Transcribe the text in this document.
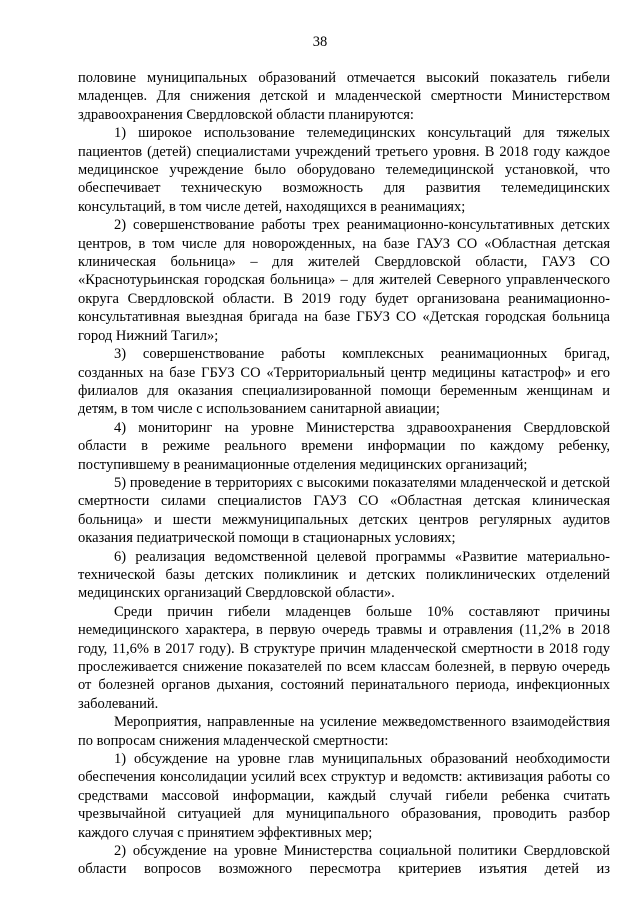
38

половине муниципальных образований отмечается высокий показатель гибели младенцев. Для снижения детской и младенческой смертности Министерством здравоохранения Свердловской области планируются:

1) широкое использование телемедицинских консультаций для тяжелых пациентов (детей) специалистами учреждений третьего уровня. В 2018 году каждое медицинское учреждение было оборудовано телемедицинской установкой, что обеспечивает техническую возможность для развития телемедицинских консультаций, в том числе детей, находящихся в реанимациях;

2) совершенствование работы трех реанимационно-консультативных детских центров, в том числе для новорожденных, на базе ГАУЗ СО «Областная детская клиническая больница» – для жителей Свердловской области, ГАУЗ СО «Краснотурьинская городская больница» – для жителей Северного управленческого округа Свердловской области. В 2019 году будет организована реанимационно-консультативная выездная бригада на базе ГБУЗ СО «Детская городская больница город Нижний Тагил»;

3) совершенствование работы комплексных реанимационных бригад, созданных на базе ГБУЗ СО «Территориальный центр медицины катастроф» и его филиалов для оказания специализированной помощи беременным женщинам и детям, в том числе с использованием санитарной авиации;

4) мониторинг на уровне Министерства здравоохранения Свердловской области в режиме реального времени информации по каждому ребенку, поступившему в реанимационные отделения медицинских организаций;

5) проведение в территориях с высокими показателями младенческой и детской смертности силами специалистов ГАУЗ СО «Областная детская клиническая больница» и шести межмуниципальных детских центров регулярных аудитов оказания педиатрической помощи в стационарных условиях;

6) реализация ведомственной целевой программы «Развитие материально-технической базы детских поликлиник и детских поликлинических отделений медицинских организаций Свердловской области».

Среди причин гибели младенцев больше 10% составляют причины немедицинского характера, в первую очередь травмы и отравления (11,2% в 2018 году, 11,6% в 2017 году). В структуре причин младенческой смертности в 2018 году прослеживается снижение показателей по всем классам болезней, в первую очередь от болезней органов дыхания, состояний перинатального периода, инфекционных заболеваний.

Мероприятия, направленные на усиление межведомственного взаимодействия по вопросам снижения младенческой смертности:

1) обсуждение на уровне глав муниципальных образований необходимости обеспечения консолидации усилий всех структур и ведомств: активизация работы со средствами массовой информации, каждый случай гибели ребенка считать чрезвычайной ситуацией для муниципального образования, проводить разбор каждого случая с принятием эффективных мер;

2) обсуждение на уровне Министерства социальной политики Свердловской области вопросов возможного пересмотра критериев изъятия детей из
